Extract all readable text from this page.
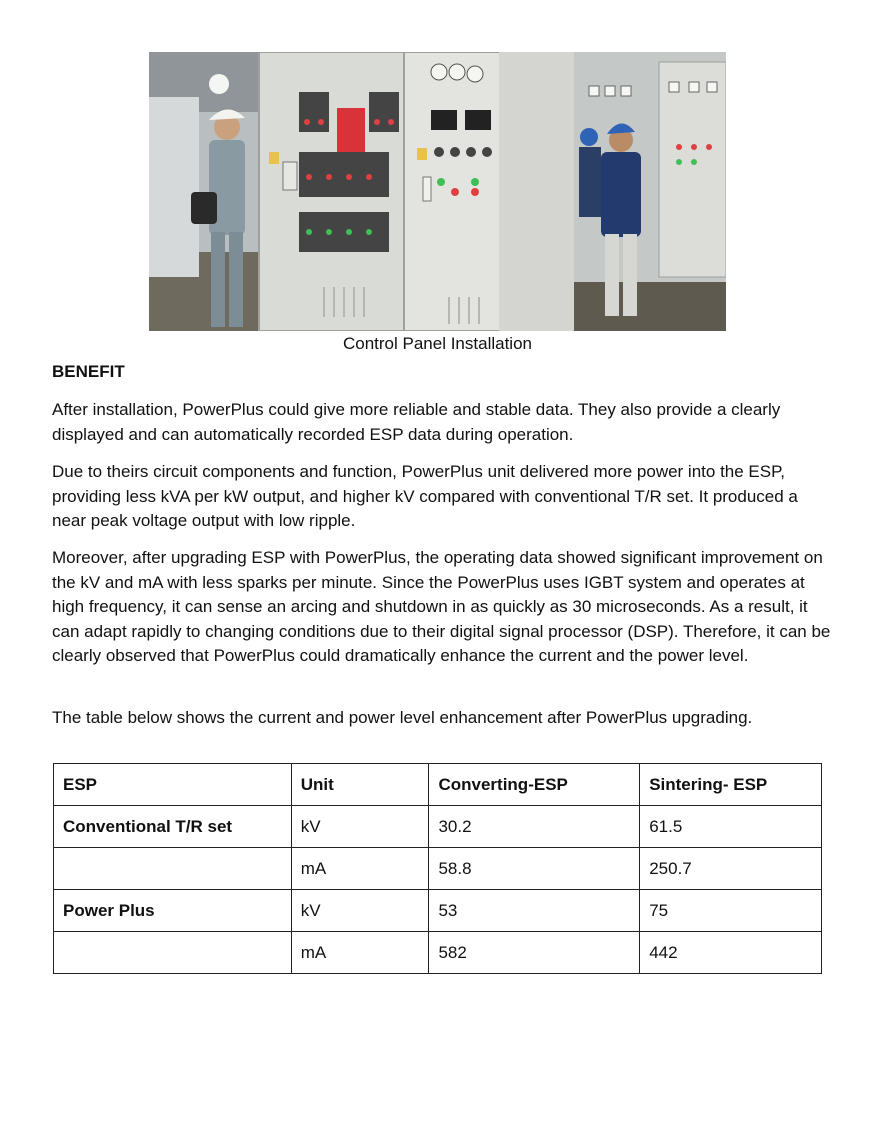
Control Panel Installation
BENEFIT

After installation, PowerPlus could give more reliable and stable data. They also provide a clearly displayed and can automatically recorded ESP data during operation.

Due to theirs circuit components and function, PowerPlus unit delivered more power into the ESP, providing less kVA per kW output, and higher kV compared with conventional T/R set. It produced a near peak voltage output with low ripple.

Moreover, after upgrading ESP with PowerPlus, the operating data showed significant improvement on the kV and mA with less sparks per minute. Since the PowerPlus uses IGBT system and operates at high frequency, it can sense an arcing and shutdown in as quickly as 30 microseconds. As a result, it can adapt rapidly to changing conditions due to their digital signal processor (DSP). Therefore, it can be clearly observed that PowerPlus could dramatically enhance the current and the power level.

The table below shows the current and power level enhancement after PowerPlus upgrading.

ESP	Unit	Converting-ESP	Sintering- ESP
Conventional T/R set	kV	30.2	61.5
	mA	58.8	250.7
Power Plus	kV	53	75
	mA	582	442
